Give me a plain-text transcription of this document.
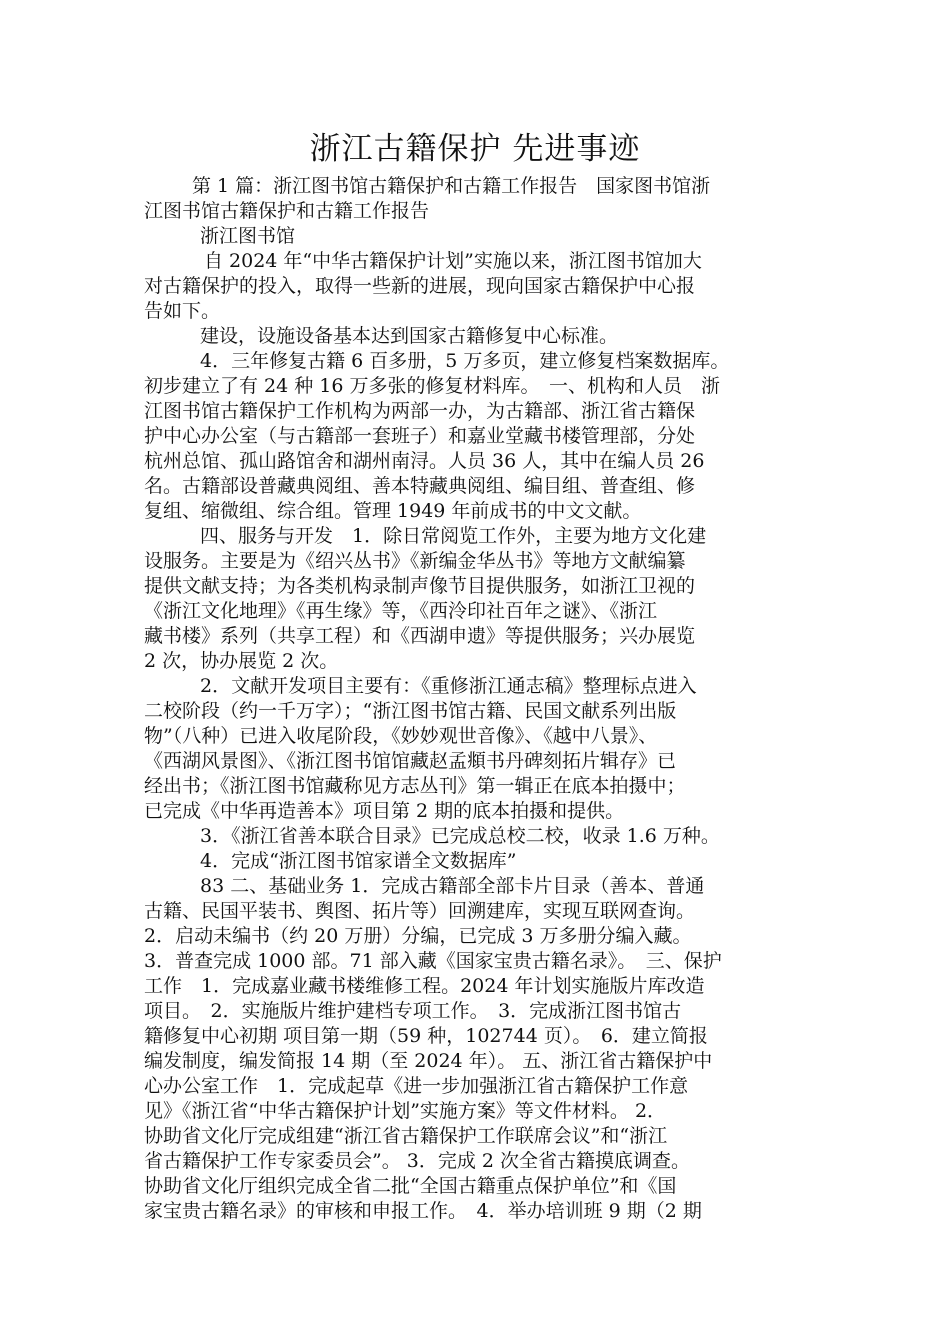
浙江古籍保护 先进事迹
第 1 篇：浙江图书馆古籍保护和古籍工作报告　国家图书馆浙
江图书馆古籍保护和古籍工作报告
浙江图书馆
自 2024 年“中华古籍保护计划”实施以来，浙江图书馆加大
对古籍保护的投入，取得一些新的进展，现向国家古籍保护中心报
告如下。
建设，设施设备基本达到国家古籍修复中心标准。
4．三年修复古籍 6 百多册，5 万多页，建立修复档案数据库。
初步建立了有 24 种 16 万多张的修复材料库。　一、机构和人员　浙
江图书馆古籍保护工作机构为两部一办，为古籍部、浙江省古籍保
护中心办公室（与古籍部一套班子）和嘉业堂藏书楼管理部，分处
杭州总馆、孤山路馆舍和湖州南浔。人员 36 人，其中在编人员 26
名。古籍部设普藏典阅组、善本特藏典阅组、编目组、普查组、修
复组、缩微组、综合组。管理 1949 年前成书的中文文献。
四、服务与开发　1．除日常阅览工作外，主要为地方文化建
设服务。主要是为《绍兴丛书》《新编金华丛书》等地方文献编纂
提供文献支持；为各类机构录制声像节目提供服务，如浙江卫视的
《浙江文化地理》《再生缘》等，《西泠印社百年之谜》、《浙江
藏书楼》系列（共享工程）和《西湖申遗》等提供服务；兴办展览
2 次，协办展览 2 次。
2．文献开发项目主要有：《重修浙江通志稿》整理标点进入
二校阶段（约一千万字）；“浙江图书馆古籍、民国文献系列出版
物”（八种）已进入收尾阶段，《妙妙观世音像》、《越中八景》、
《西湖风景图》、《浙江图书馆馆藏赵孟頫书丹碑刻拓片辑存》已
经出书；《浙江图书馆藏称见方志丛刊》第一辑正在底本拍摄中；
已完成《中华再造善本》项目第 2 期的底本拍摄和提供。
3．《浙江省善本联合目录》已完成总校二校，收录 1.6 万种。
4．完成“浙江图书馆家谱全文数据库”
83 二、基础业务 1．完成古籍部全部卡片目录（善本、普通
古籍、民国平装书、舆图、拓片等）回溯建库，实现互联网查询。
2．启动未编书（约 20 万册）分编，已完成 3 万多册分编入藏。
3．普查完成 1000 部。71 部入藏《国家宝贵古籍名录》。　三、保护
工作　1．完成嘉业藏书楼维修工程。2024 年计划实施版片库改造
项目。　2．实施版片维护建档专项工作。　3．完成浙江图书馆古
籍修复中心初期 项目第一期（59 种，102744 页）。　6．建立简报
编发制度，编发简报 14 期（至 2024 年）。 五、浙江省古籍保护中
心办公室工作　1．完成起草《进一步加强浙江省古籍保护工作意
见》《浙江省“中华古籍保护计划”实施方案》等文件材料。 2．
协助省文化厅完成组建“浙江省古籍保护工作联席会议”和“浙江
省古籍保护工作专家委员会”。 3．完成 2 次全省古籍摸底调查。
协助省文化厅组织完成全省二批“全国古籍重点保护单位”和《国
家宝贵古籍名录》的审核和申报工作。　4．举办培训班 9 期（2 期
